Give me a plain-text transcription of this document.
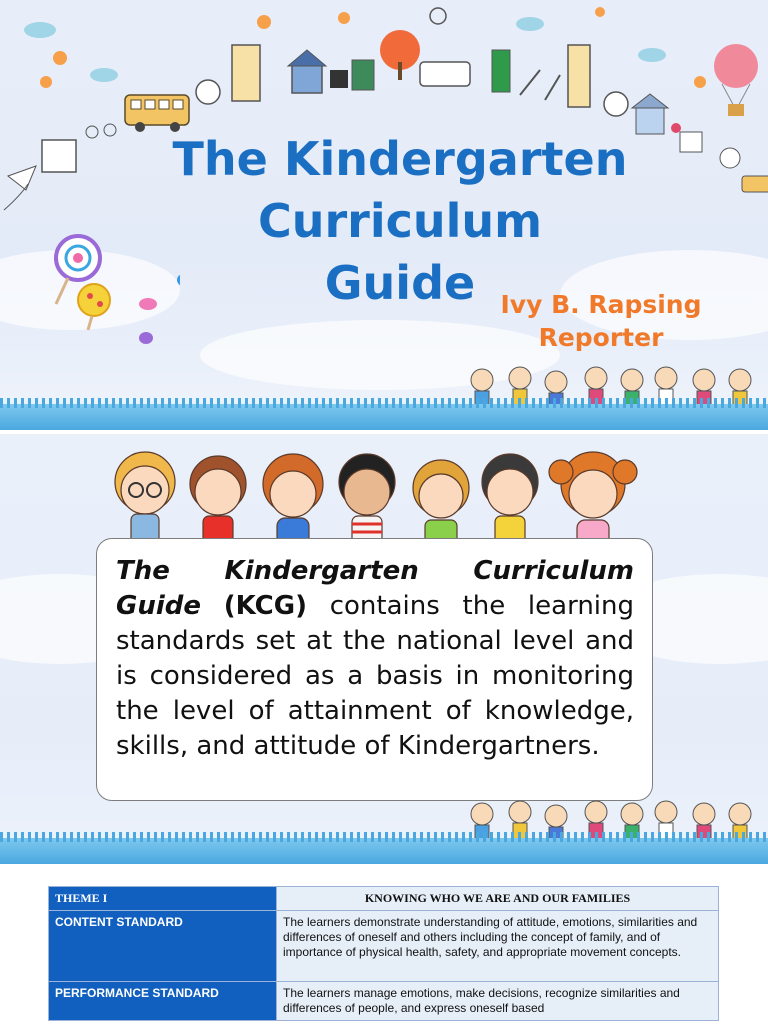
The Kindergarten
Curriculum
Guide	Ivy B. Rapsing
Reporter
The Kindergarten Curriculum Guide (KCG) contains the learning standards set at the national level and is considered as a basis in monitoring the level of attainment of knowledge, skills, and attitude of Kindergartners.
THEME I	KNOWING WHO WE ARE AND OUR FAMILIES
CONTENT STANDARD	The learners demonstrate understanding of attitude, emotions, similarities and differences of oneself and others including the concept of family, and of importance of physical health, safety, and appropriate movement concepts.
PERFORMANCE STANDARD	The learners manage emotions, make decisions, recognize similarities and differences of people, and express oneself based
